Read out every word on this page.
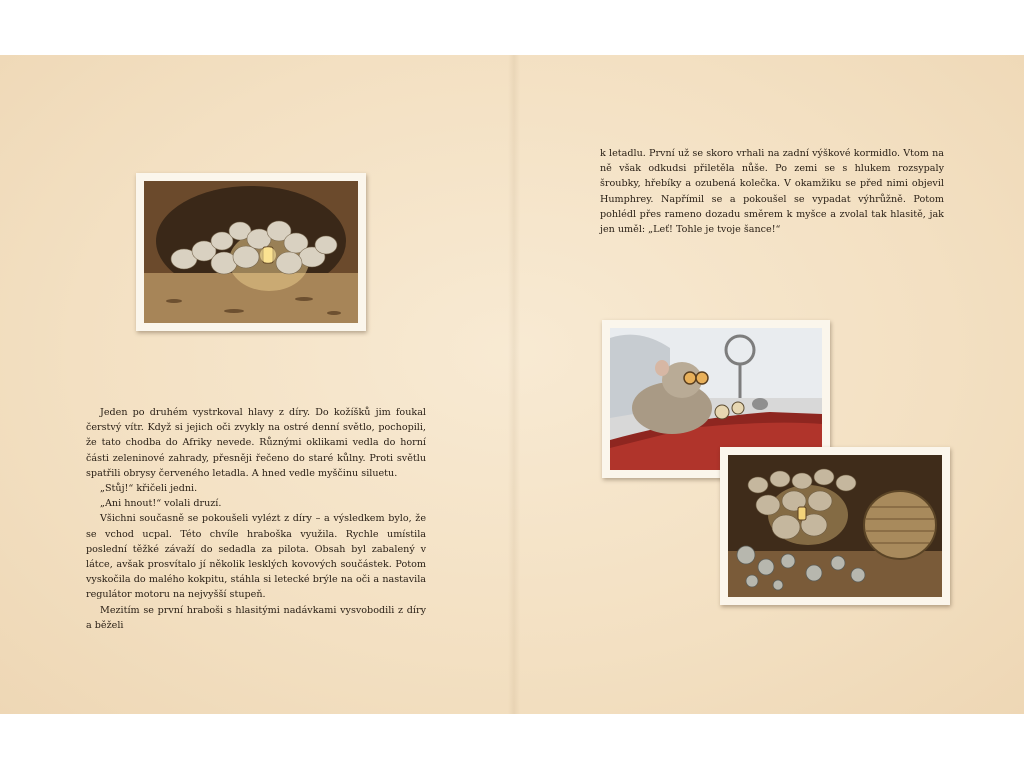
Jeden po druhém vystrkoval hlavy z díry. Do kožíšků jim foukal čerstvý vítr. Když si jejich oči zvykly na ostré denní světlo, pochopili, že tato chodba do Afriky nevede. Různými oklikami vedla do horní části zeleninové zahrady, přesněji řečeno do staré kůlny. Proti světlu spatřili obrysy červeného letadla. A hned vedle myščinu siluetu.

„Stůj!“ křičeli jedni.

„Ani hnout!“ volali druzí.

Všichni současně se pokoušeli vylézt z díry – a výsledkem bylo, že se vchod ucpal. Této chvíle hraboška využila. Rychle umístila poslední těžké závaží do sedadla za pilota. Obsah byl zabalený v látce, avšak prosvítalo jí několik lesklých kovových součástek. Potom vyskočila do malého kokpitu, stáhla si letecké brýle na oči a nastavila regulátor motoru na nejvyšší stupeň.

Mezitím se první hraboši s hlasitými nadávkami vysvobodili z díry a běželi

k letadlu. První už se skoro vrhali na zadní výškové kormidlo. Vtom na ně však odkudsi přiletěla nůše. Po zemi se s hlukem rozsypaly šroubky, hřebíky a ozubená kolečka. V okamžiku se před nimi objevil Humphrey. Napřímil se a pokoušel se vypadat výhrůžně. Potom pohlédl přes rameno dozadu směrem k myšce a zvolal tak hlasitě, jak jen uměl: „Leť! Tohle je tvoje šance!“
